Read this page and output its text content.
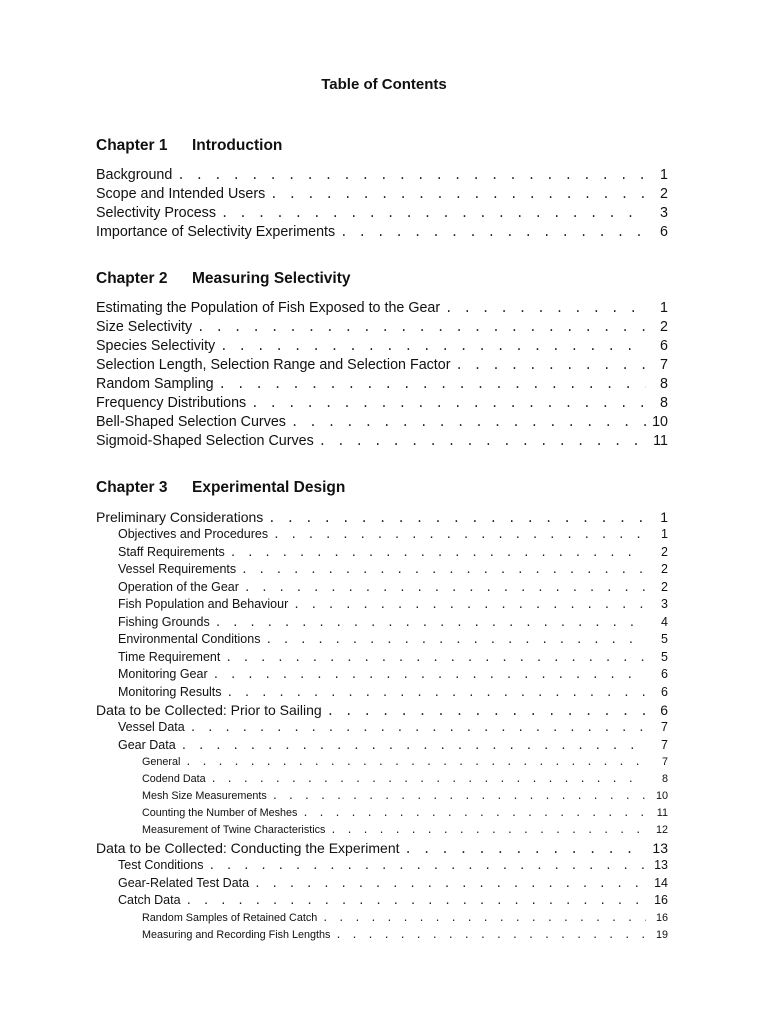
Table of Contents
Chapter 1 Introduction
Background . . .	1
Scope and Intended Users . . .	2
Selectivity Process . . .	3
Importance of Selectivity Experiments . . .	6
Chapter 2 Measuring Selectivity
Estimating the Population of Fish Exposed to the Gear . . .	1
Size Selectivity . . .	2
Species Selectivity . . .	6
Selection Length, Selection Range and Selection Factor . . .	7
Random Sampling . . .	8
Frequency Distributions . . .	8
Bell-Shaped Selection Curves . . .	10
Sigmoid-Shaped Selection Curves . . .	11
Chapter 3 Experimental Design
Preliminary Considerations . . .	1
Objectives and Procedures . . .	1
Staff Requirements . . .	2
Vessel Requirements . . .	2
Operation of the Gear . . .	2
Fish Population and Behaviour . . .	3
Fishing Grounds . . .	4
Environmental Conditions . . .	5
Time Requirement . . .	5
Monitoring Gear . . .	6
Monitoring Results . . .	6
Data to be Collected: Prior to Sailing . . .	6
Vessel Data . . .	7
Gear Data . . .	7
General . . .	7
Codend Data . . .	8
Mesh Size Measurements . . .	10
Counting the Number of Meshes . . .	11
Measurement of Twine Characteristics . . .	12
Data to be Collected: Conducting the Experiment . . .	13
Test Conditions . . .	13
Gear-Related Test Data . . .	14
Catch Data . . .	16
Random Samples of Retained Catch . . .	16
Measuring and Recording Fish Lengths . . .	19
